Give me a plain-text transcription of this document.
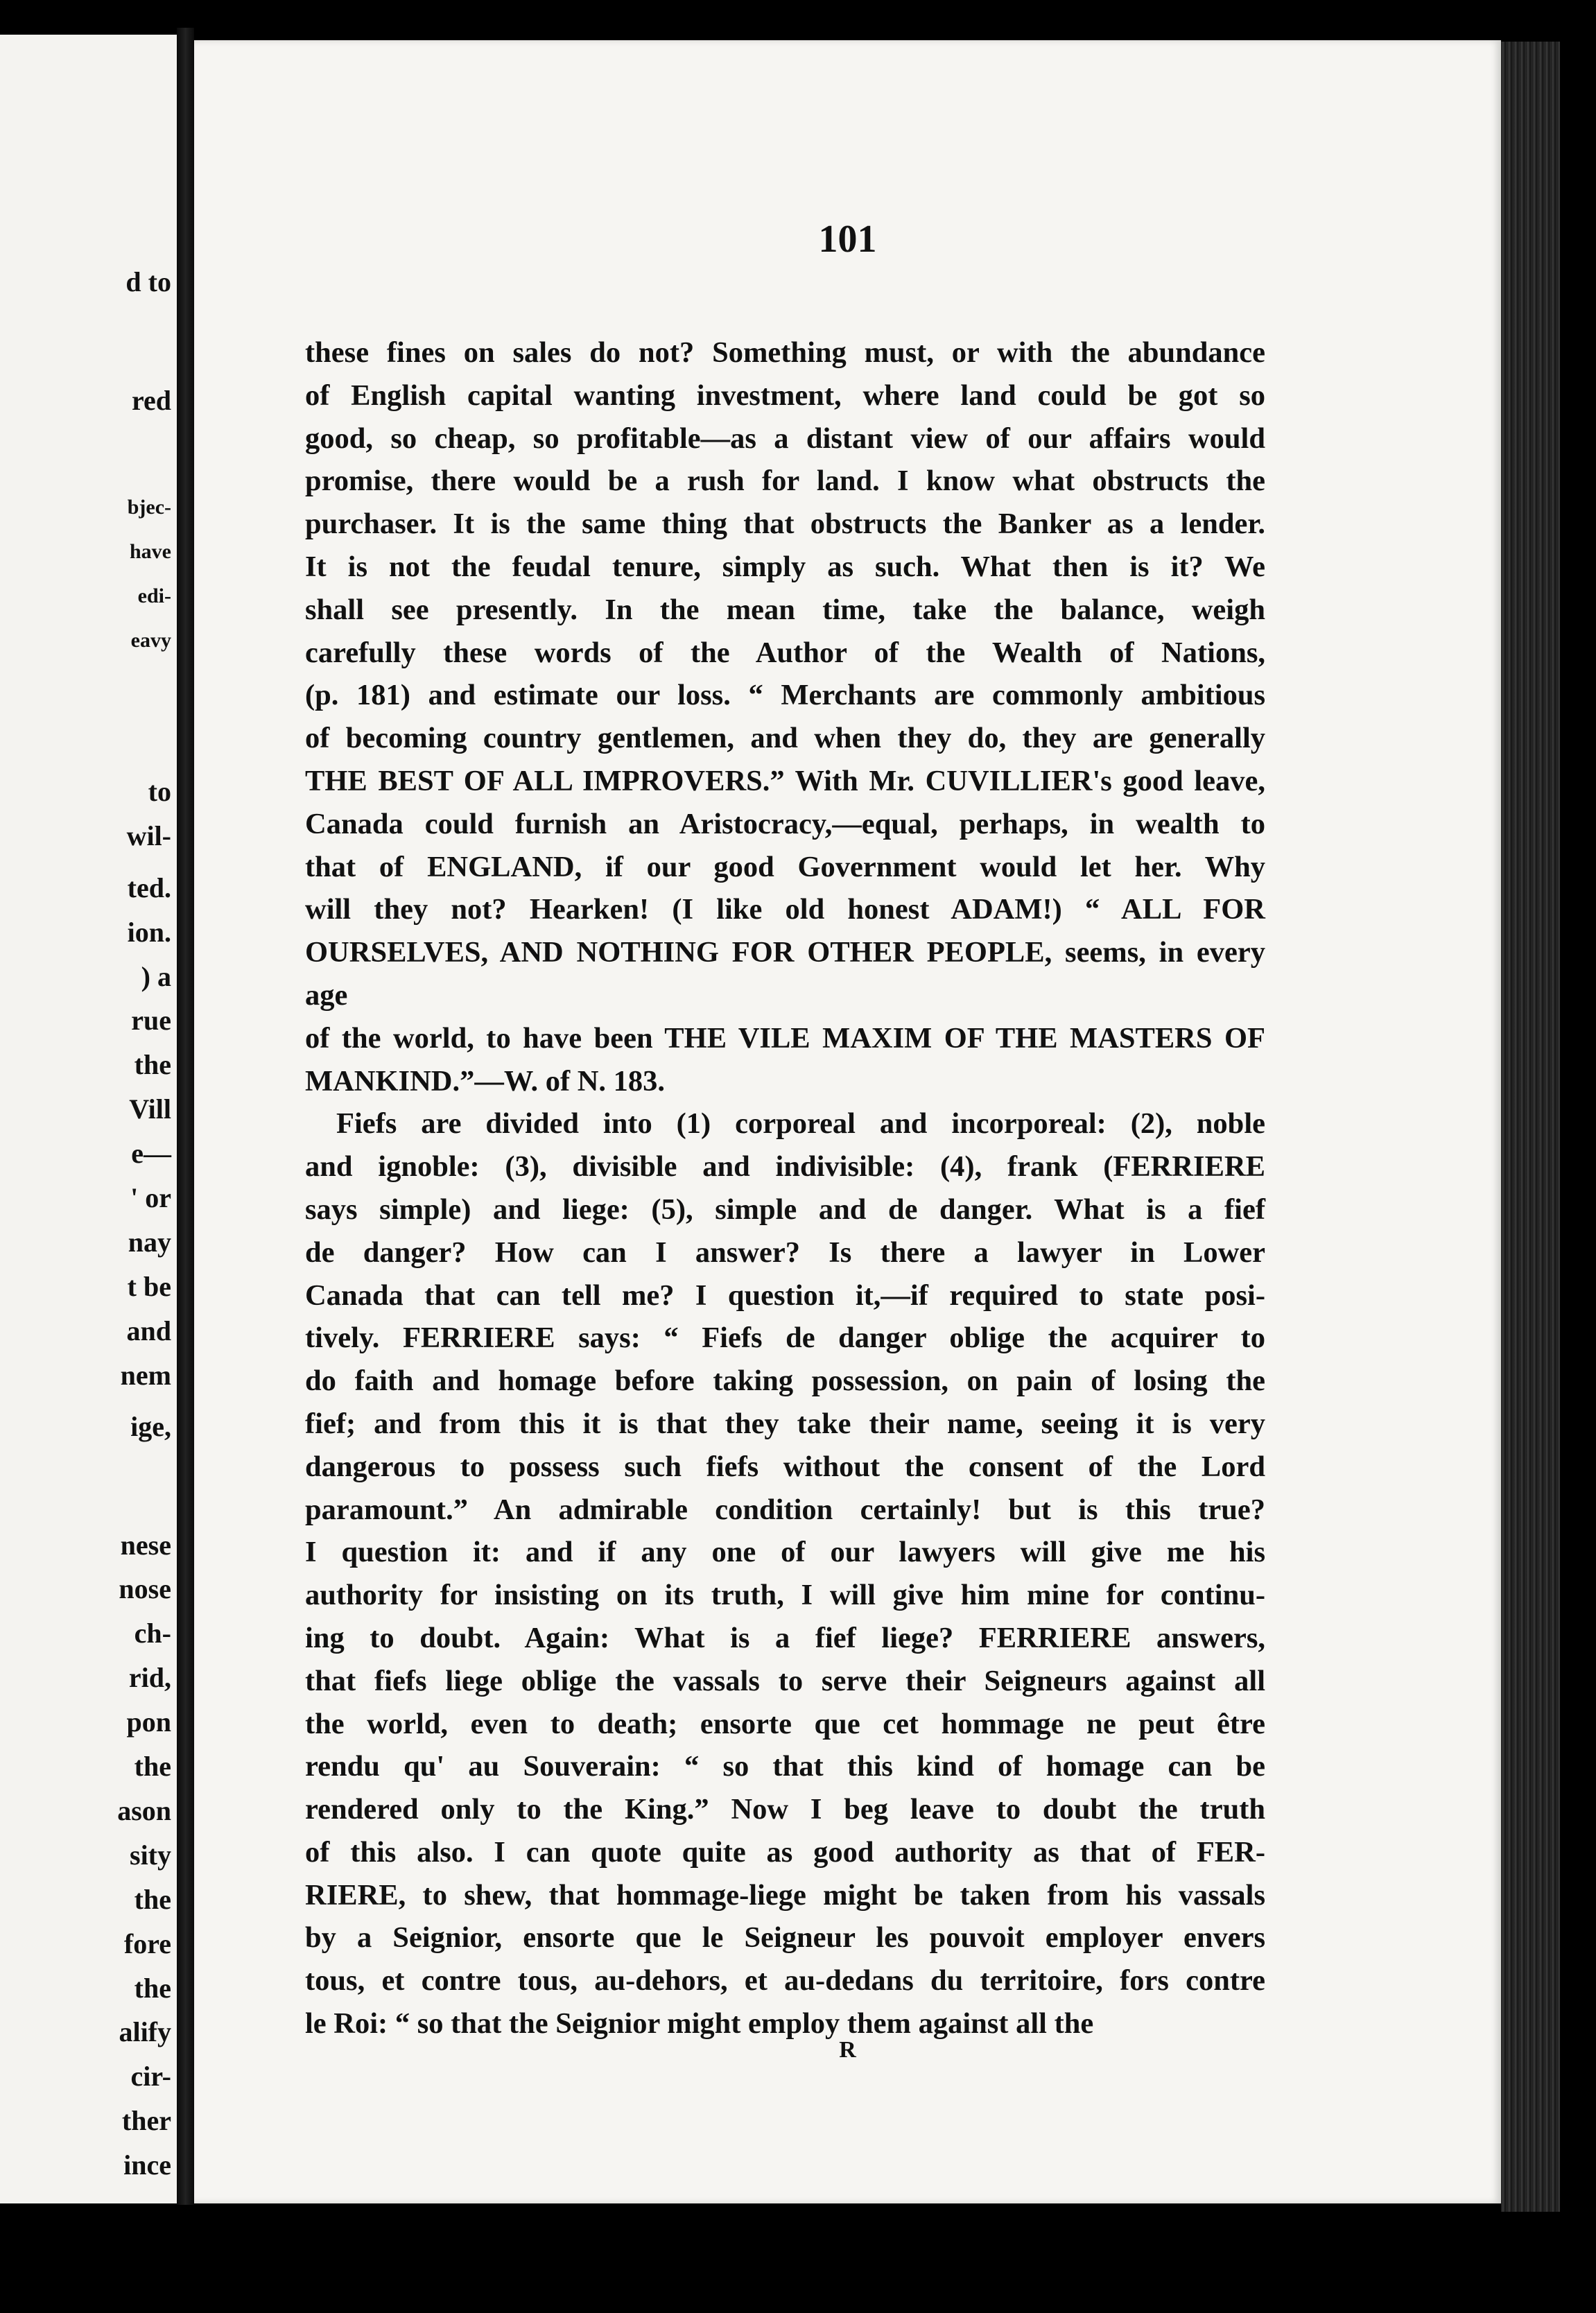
d to
red
bjec-
have
edi-
eavy
to
wil-
ted.
ion.
) a
rue
the
Vill
e—
' or
nay
t be
and
nem
ige,
nese
nose
ch-
rid,
pon
the
ason
sity
the
fore
the
alify
cir-
ther
ince
101

these fines on sales do not? Something must, or with the abundance

of English capital wanting investment, where land could be got so

good, so cheap, so profitable—as a distant view of our affairs would

promise, there would be a rush for land. I know what obstructs the

purchaser. It is the same thing that obstructs the Banker as a lender.

It is not the feudal tenure, simply as such. What then is it? We

shall see presently. In the mean time, take the balance, weigh

carefully these words of the Author of the Wealth of Nations,

(p. 181) and estimate our loss. “ Merchants are commonly ambitious

of becoming country gentlemen, and when they do, they are generally

THE BEST OF ALL IMPROVERS.” With Mr. CUVILLIER's good leave,

Canada could furnish an Aristocracy,—equal, perhaps, in wealth to

that of ENGLAND, if our good Government would let her. Why

will they not? Hearken! (I like old honest ADAM!) “ ALL FOR

OURSELVES, AND NOTHING FOR OTHER PEOPLE, seems, in every age

of the world, to have been THE VILE MAXIM OF THE MASTERS OF

MANKIND.”—W. of N. 183.

Fiefs are divided into (1) corporeal and incorporeal: (2), noble

and ignoble: (3), divisible and indivisible: (4), frank (FERRIERE

says simple) and liege: (5), simple and de danger. What is a fief

de danger? How can I answer? Is there a lawyer in Lower

Canada that can tell me? I question it,—if required to state posi-

tively. FERRIERE says: “ Fiefs de danger oblige the acquirer to

do faith and homage before taking possession, on pain of losing the

fief; and from this it is that they take their name, seeing it is very

dangerous to possess such fiefs without the consent of the Lord

paramount.” An admirable condition certainly! but is this true?

I question it: and if any one of our lawyers will give me his

authority for insisting on its truth, I will give him mine for continu-

ing to doubt. Again: What is a fief liege? FERRIERE answers,

that fiefs liege oblige the vassals to serve their Seigneurs against all

the world, even to death; ensorte que cet hommage ne peut être

rendu qu' au Souverain: “ so that this kind of homage can be

rendered only to the King.” Now I beg leave to doubt the truth

of this also. I can quote quite as good authority as that of FER-

RIERE, to shew, that hommage-liege might be taken from his vassals

by a Seignior, ensorte que le Seigneur les pouvoit employer envers

tous, et contre tous, au-dehors, et au-dedans du territoire, fors contre

le Roi: “ so that the Seignior might employ them against all the

R
